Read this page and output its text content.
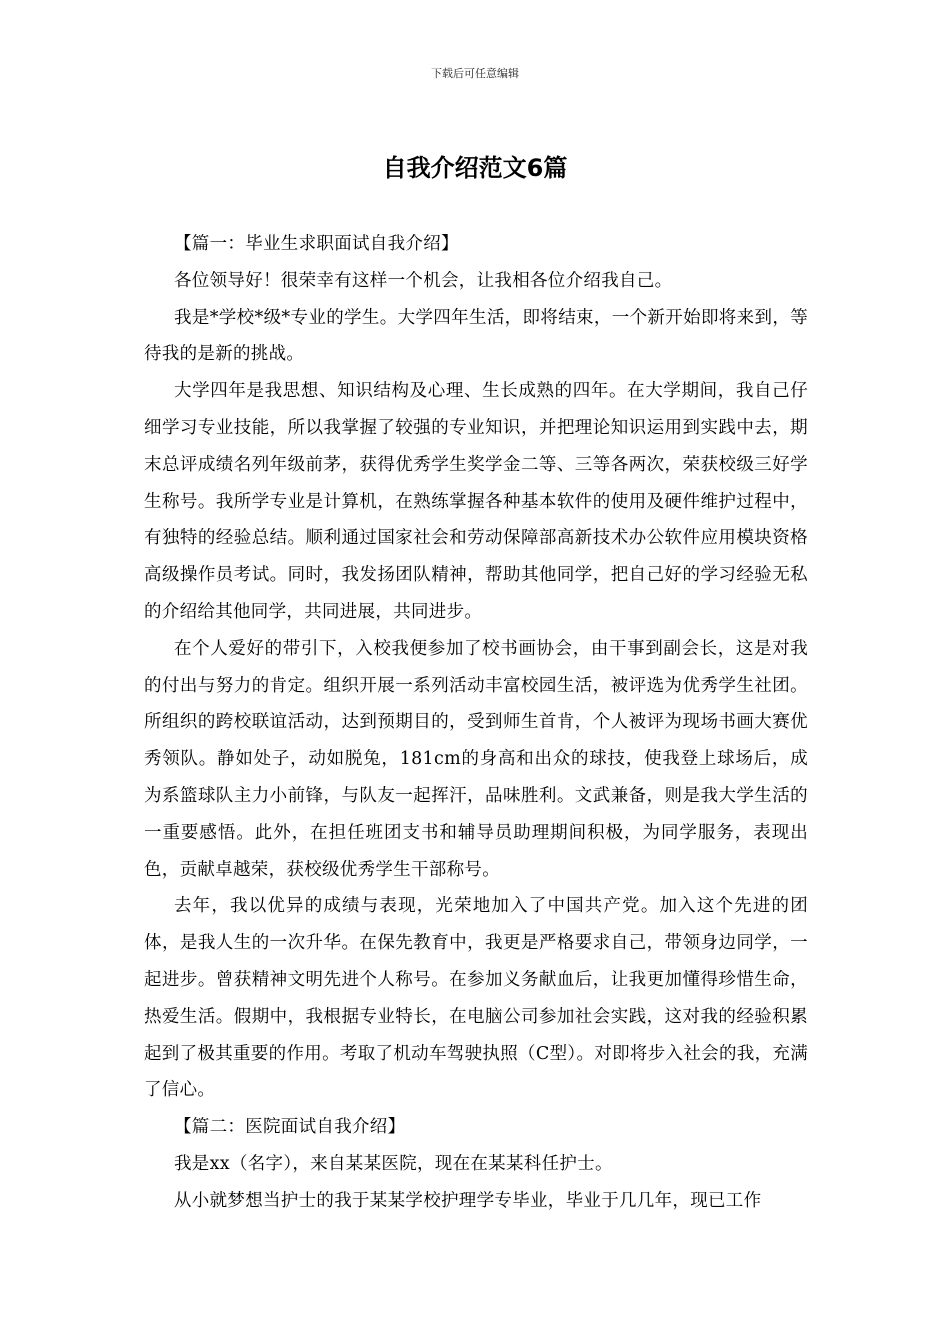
下载后可任意编辑
自我介绍范文6篇

【篇一：毕业生求职面试自我介绍】

各位领导好！很荣幸有这样一个机会，让我相各位介绍我自己。

我是*学校*级*专业的学生。大学四年生活，即将结束，一个新开始即将来到，等待我的是新的挑战。

大学四年是我思想、知识结构及心理、生长成熟的四年。在大学期间，我自己仔细学习专业技能，所以我掌握了较强的专业知识，并把理论知识运用到实践中去，期末总评成绩名列年级前茅，获得优秀学生奖学金二等、三等各两次，荣获校级三好学生称号。我所学专业是计算机，在熟练掌握各种基本软件的使用及硬件维护过程中，有独特的经验总结。顺利通过国家社会和劳动保障部高新技术办公软件应用模块资格高级操作员考试。同时，我发扬团队精神，帮助其他同学，把自己好的学习经验无私的介绍给其他同学，共同进展，共同进步。

在个人爱好的带引下，入校我便参加了校书画协会，由干事到副会长，这是对我的付出与努力的肯定。组织开展一系列活动丰富校园生活，被评选为优秀学生社团。所组织的跨校联谊活动，达到预期目的，受到师生首肯，个人被评为现场书画大赛优秀领队。静如处子，动如脱兔，181cm的身高和出众的球技，使我登上球场后，成为系篮球队主力小前锋，与队友一起挥汗，品味胜利。文武兼备，则是我大学生活的一重要感悟。此外，在担任班团支书和辅导员助理期间积极，为同学服务，表现出色，贡献卓越荣，获校级优秀学生干部称号。

去年，我以优异的成绩与表现，光荣地加入了中国共产党。加入这个先进的团体，是我人生的一次升华。在保先教育中，我更是严格要求自己，带领身边同学，一起进步。曾获精神文明先进个人称号。在参加义务献血后，让我更加懂得珍惜生命，热爱生活。假期中，我根据专业特长，在电脑公司参加社会实践，这对我的经验积累起到了极其重要的作用。考取了机动车驾驶执照（C型）。对即将步入社会的我，充满了信心。

【篇二：医院面试自我介绍】

我是xx（名字），来自某某医院，现在在某某科任护士。

从小就梦想当护士的我于某某学校护理学专毕业，毕业于几几年，现已工作
